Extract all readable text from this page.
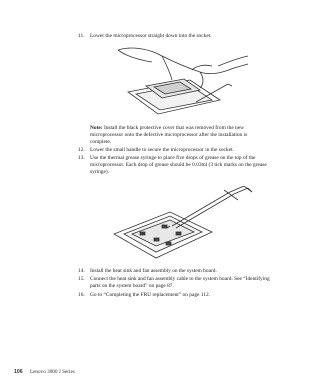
11. Lower the microprocessor straight down into the socket.
Note: Install the black protective cover that was removed from the new microprocessor onto the defective microprocessor after the installation is complete.
12. Lower the small handle to secure the microprocessor in the socket.
13. Use the thermal grease syringe to place five drops of grease on the top of the microprocessor. Each drop of grease should be 0.03ml (3 tick marks on the grease syringe).
14. Install the heat sink and fan assembly on the system board.
15. Connect the heat sink and fan assembly cable to the system board. See “Identifying parts on the system board” on page 87.
16. Go to “Completing the FRU replacement” on page 112.
106 Lenovo 3000 J Series
